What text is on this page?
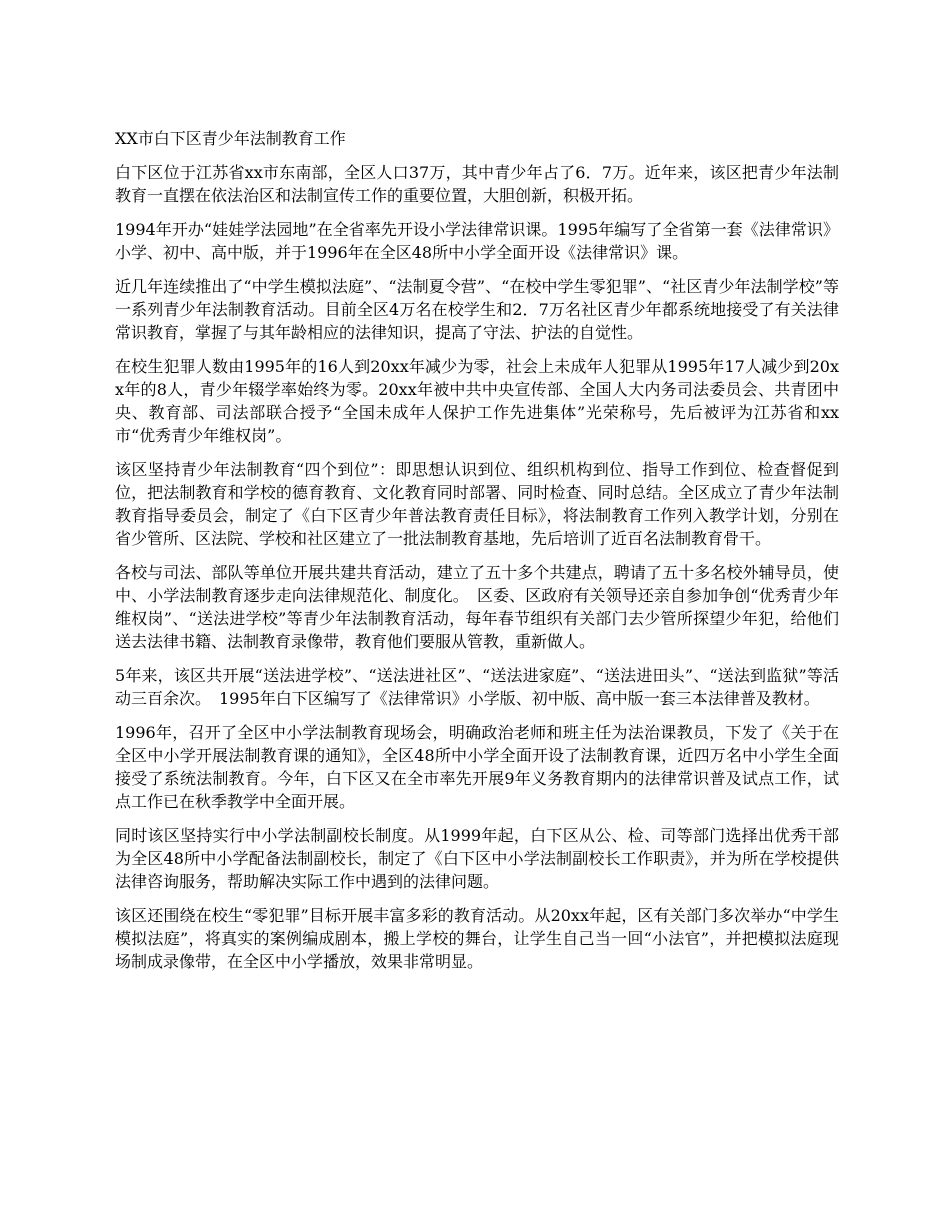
XX市白下区青少年法制教育工作

白下区位于江苏省xx市东南部，全区人口37万，其中青少年占了6．7万。近年来，该区把青少年法制教育一直摆在依法治区和法制宣传工作的重要位置，大胆创新，积极开拓。

1994年开办“娃娃学法园地”在全省率先开设小学法律常识课。1995年编写了全省第一套《法律常识》小学、初中、高中版，并于1996年在全区48所中小学全面开设《法律常识》课。

近几年连续推出了“中学生模拟法庭”、“法制夏令营”、“在校中学生零犯罪”、“社区青少年法制学校”等一系列青少年法制教育活动。目前全区4万名在校学生和2．7万名社区青少年都系统地接受了有关法律常识教育，掌握了与其年龄相应的法律知识，提高了守法、护法的自觉性。

在校生犯罪人数由1995年的16人到20xx年减少为零，社会上未成年人犯罪从1995年17人减少到20xx年的8人，青少年辍学率始终为零。20xx年被中共中央宣传部、全国人大内务司法委员会、共青团中央、教育部、司法部联合授予“全国未成年人保护工作先进集体”光荣称号，先后被评为江苏省和xx市“优秀青少年维权岗”。

该区坚持青少年法制教育“四个到位”：即思想认识到位、组织机构到位、指导工作到位、检查督促到位，把法制教育和学校的德育教育、文化教育同时部署、同时检查、同时总结。全区成立了青少年法制教育指导委员会，制定了《白下区青少年普法教育责任目标》，将法制教育工作列入教学计划，分别在省少管所、区法院、学校和社区建立了一批法制教育基地，先后培训了近百名法制教育骨干。

各校与司法、部队等单位开展共建共育活动，建立了五十多个共建点，聘请了五十多名校外辅导员，使中、小学法制教育逐步走向法律规范化、制度化。　区委、区政府有关领导还亲自参加争创“优秀青少年维权岗”、“送法进学校”等青少年法制教育活动，每年春节组织有关部门去少管所探望少年犯，给他们送去法律书籍、法制教育录像带，教育他们要服从管教，重新做人。

5年来，该区共开展“送法进学校”、“送法进社区”、“送法进家庭”、“送法进田头”、“送法到监狱”等活动三百余次。　1995年白下区编写了《法律常识》小学版、初中版、高中版一套三本法律普及教材。

1996年，召开了全区中小学法制教育现场会，明确政治老师和班主任为法治课教员，下发了《关于在全区中小学开展法制教育课的通知》，全区48所中小学全面开设了法制教育课，近四万名中小学生全面接受了系统法制教育。今年，白下区又在全市率先开展9年义务教育期内的法律常识普及试点工作，试点工作已在秋季教学中全面开展。

同时该区坚持实行中小学法制副校长制度。从1999年起，白下区从公、检、司等部门选择出优秀干部为全区48所中小学配备法制副校长，制定了《白下区中小学法制副校长工作职责》，并为所在学校提供法律咨询服务，帮助解决实际工作中遇到的法律问题。

该区还围绕在校生“零犯罪”目标开展丰富多彩的教育活动。从20xx年起，区有关部门多次举办“中学生模拟法庭”，将真实的案例编成剧本，搬上学校的舞台，让学生自己当一回“小法官”，并把模拟法庭现场制成录像带，在全区中小学播放，效果非常明显。
